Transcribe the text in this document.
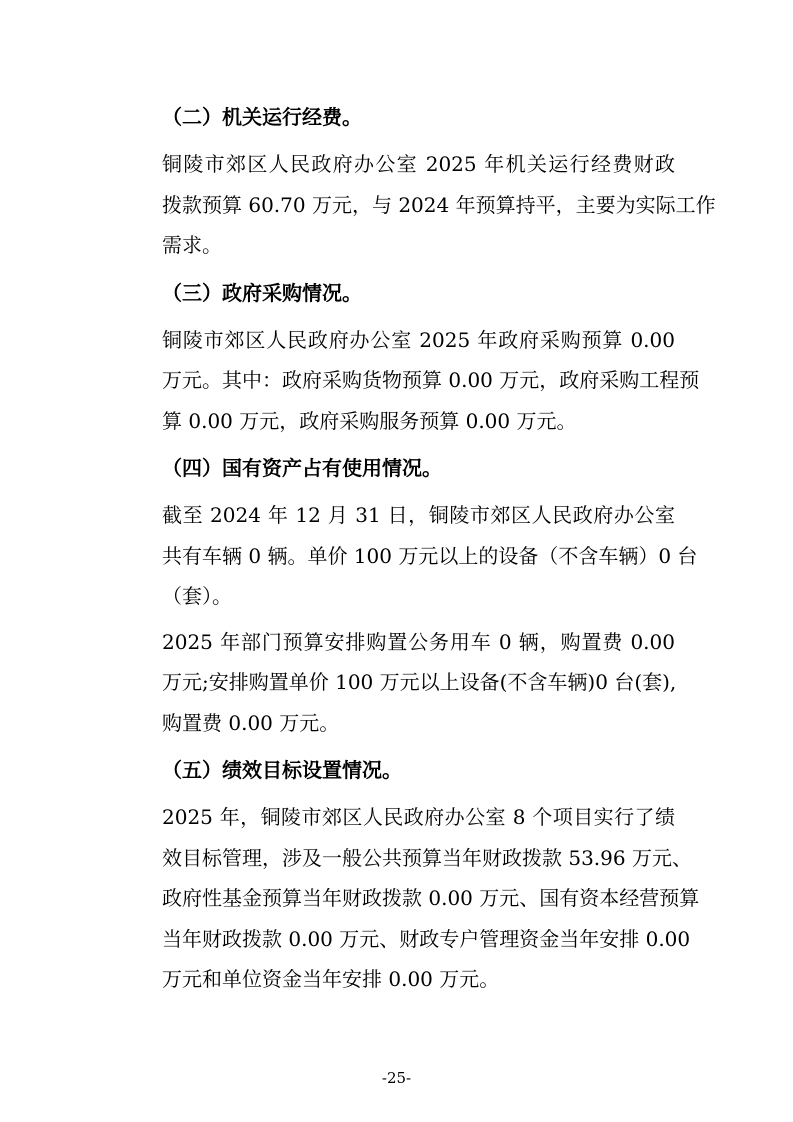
（二）机关运行经费。

铜陵市郊区人民政府办公室 2025 年机关运行经费财政
拨款预算 60.70 万元，与 2024 年预算持平，主要为实际工作
需求。

（三）政府采购情况。

铜陵市郊区人民政府办公室 2025 年政府采购预算 0.00
万元。其中：政府采购货物预算 0.00 万元，政府采购工程预
算 0.00 万元，政府采购服务预算 0.00 万元。

（四）国有资产占有使用情况。

截至 2024 年 12 月 31 日，铜陵市郊区人民政府办公室
共有车辆 0 辆。单价 100 万元以上的设备（不含车辆）0 台
（套）。

2025 年部门预算安排购置公务用车 0 辆，购置费 0.00
万元;安排购置单价 100 万元以上设备(不含车辆)0 台(套),
购置费 0.00 万元。

（五）绩效目标设置情况。

2025 年，铜陵市郊区人民政府办公室 8 个项目实行了绩
效目标管理，涉及一般公共预算当年财政拨款 53.96 万元、
政府性基金预算当年财政拨款 0.00 万元、国有资本经营预算
当年财政拨款 0.00 万元、财政专户管理资金当年安排 0.00
万元和单位资金当年安排 0.00 万元。

-25-
